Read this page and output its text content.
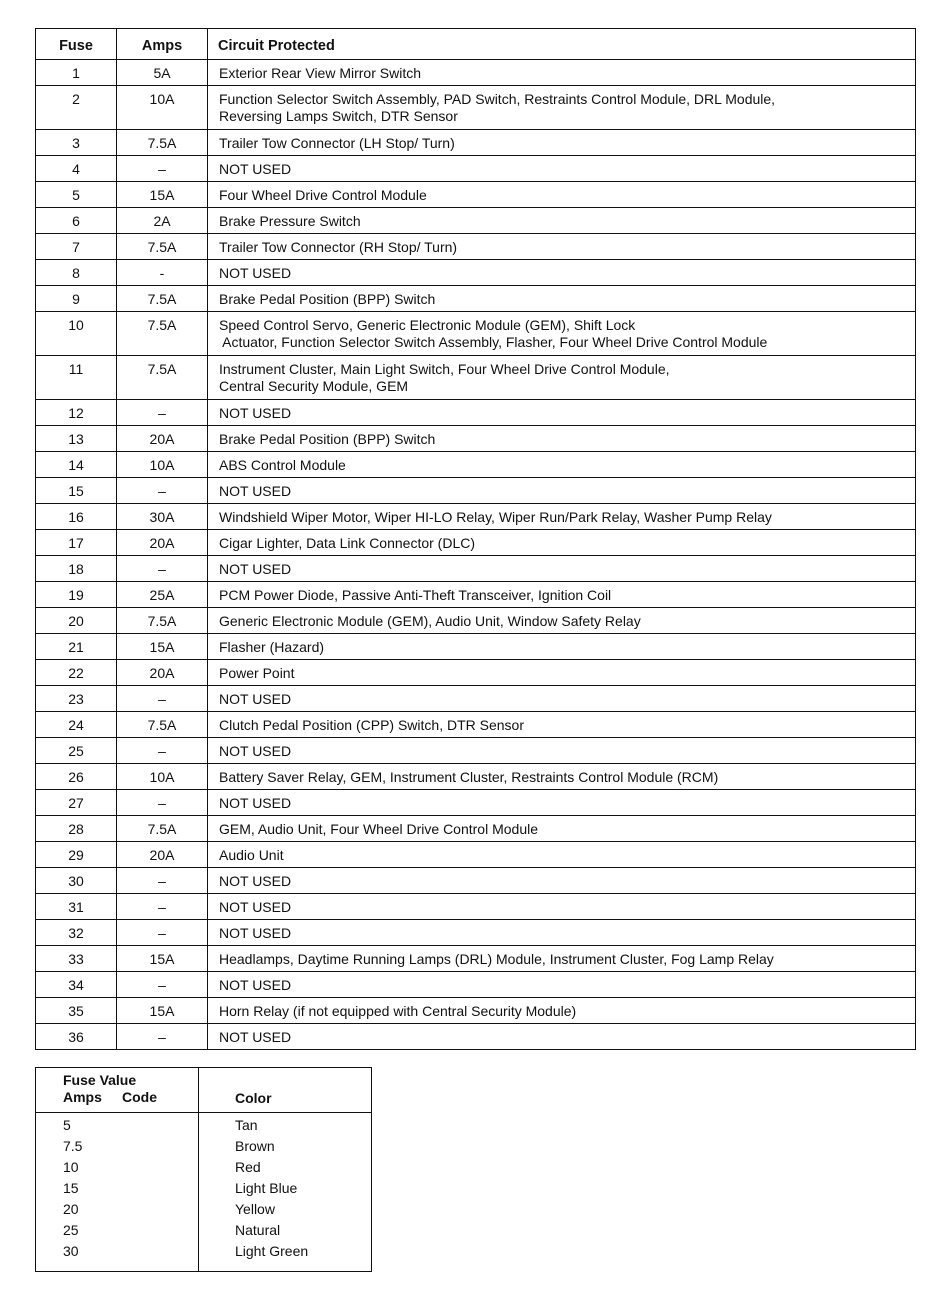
Fuse	Amps	Circuit Protected
1	5A	Exterior Rear View Mirror Switch

2	10A	Function Selector Switch Assembly, PAD Switch, Restraints Control Module, DRL Module,
Reversing Lamps Switch, DTR Sensor

3	7.5A	Trailer Tow Connector (LH Stop/ Turn)

4	–	NOT USED

5	15A	Four Wheel Drive Control Module

6	2A	Brake Pressure Switch

7	7.5A	Trailer Tow Connector (RH Stop/ Turn)

8	-	NOT USED

9	7.5A	Brake Pedal Position (BPP) Switch

10	7.5A	Speed Control Servo, Generic Electronic Module (GEM), Shift Lock
Actuator, Function Selector Switch Assembly, Flasher, Four Wheel Drive Control Module

11	7.5A	Instrument Cluster, Main Light Switch, Four Wheel Drive Control Module,
Central Security Module, GEM

12	–	NOT USED

13	20A	Brake Pedal Position (BPP) Switch

14	10A	ABS Control Module

15	–	NOT USED

16	30A	Windshield Wiper Motor, Wiper HI-LO Relay, Wiper Run/Park Relay, Washer Pump Relay

17	20A	Cigar Lighter, Data Link Connector (DLC)

18	–	NOT USED

19	25A	PCM Power Diode, Passive Anti-Theft Transceiver, Ignition Coil

20	7.5A	Generic Electronic Module (GEM), Audio Unit, Window Safety Relay

21	15A	Flasher (Hazard)

22	20A	Power Point

23	–	NOT USED

24	7.5A	Clutch Pedal Position (CPP) Switch, DTR Sensor

25	–	NOT USED

26	10A	Battery Saver Relay, GEM, Instrument Cluster, Restraints Control Module (RCM)

27	–	NOT USED

28	7.5A	GEM, Audio Unit, Four Wheel Drive Control Module

29	20A	Audio Unit

30	–	NOT USED

31	–	NOT USED

32	–	NOT USED

33	15A	Headlamps, Daytime Running Lamps (DRL) Module, Instrument Cluster, Fog Lamp Relay

34	–	NOT USED

35	15A	Horn Relay (if not equipped with Central Security Module)

36	–	NOT USED
Fuse Value
Amps Code	Color
5	Tan
7.5	Brown
10	Red
15	Light Blue
20	Yellow
25	Natural
30	Light Green
